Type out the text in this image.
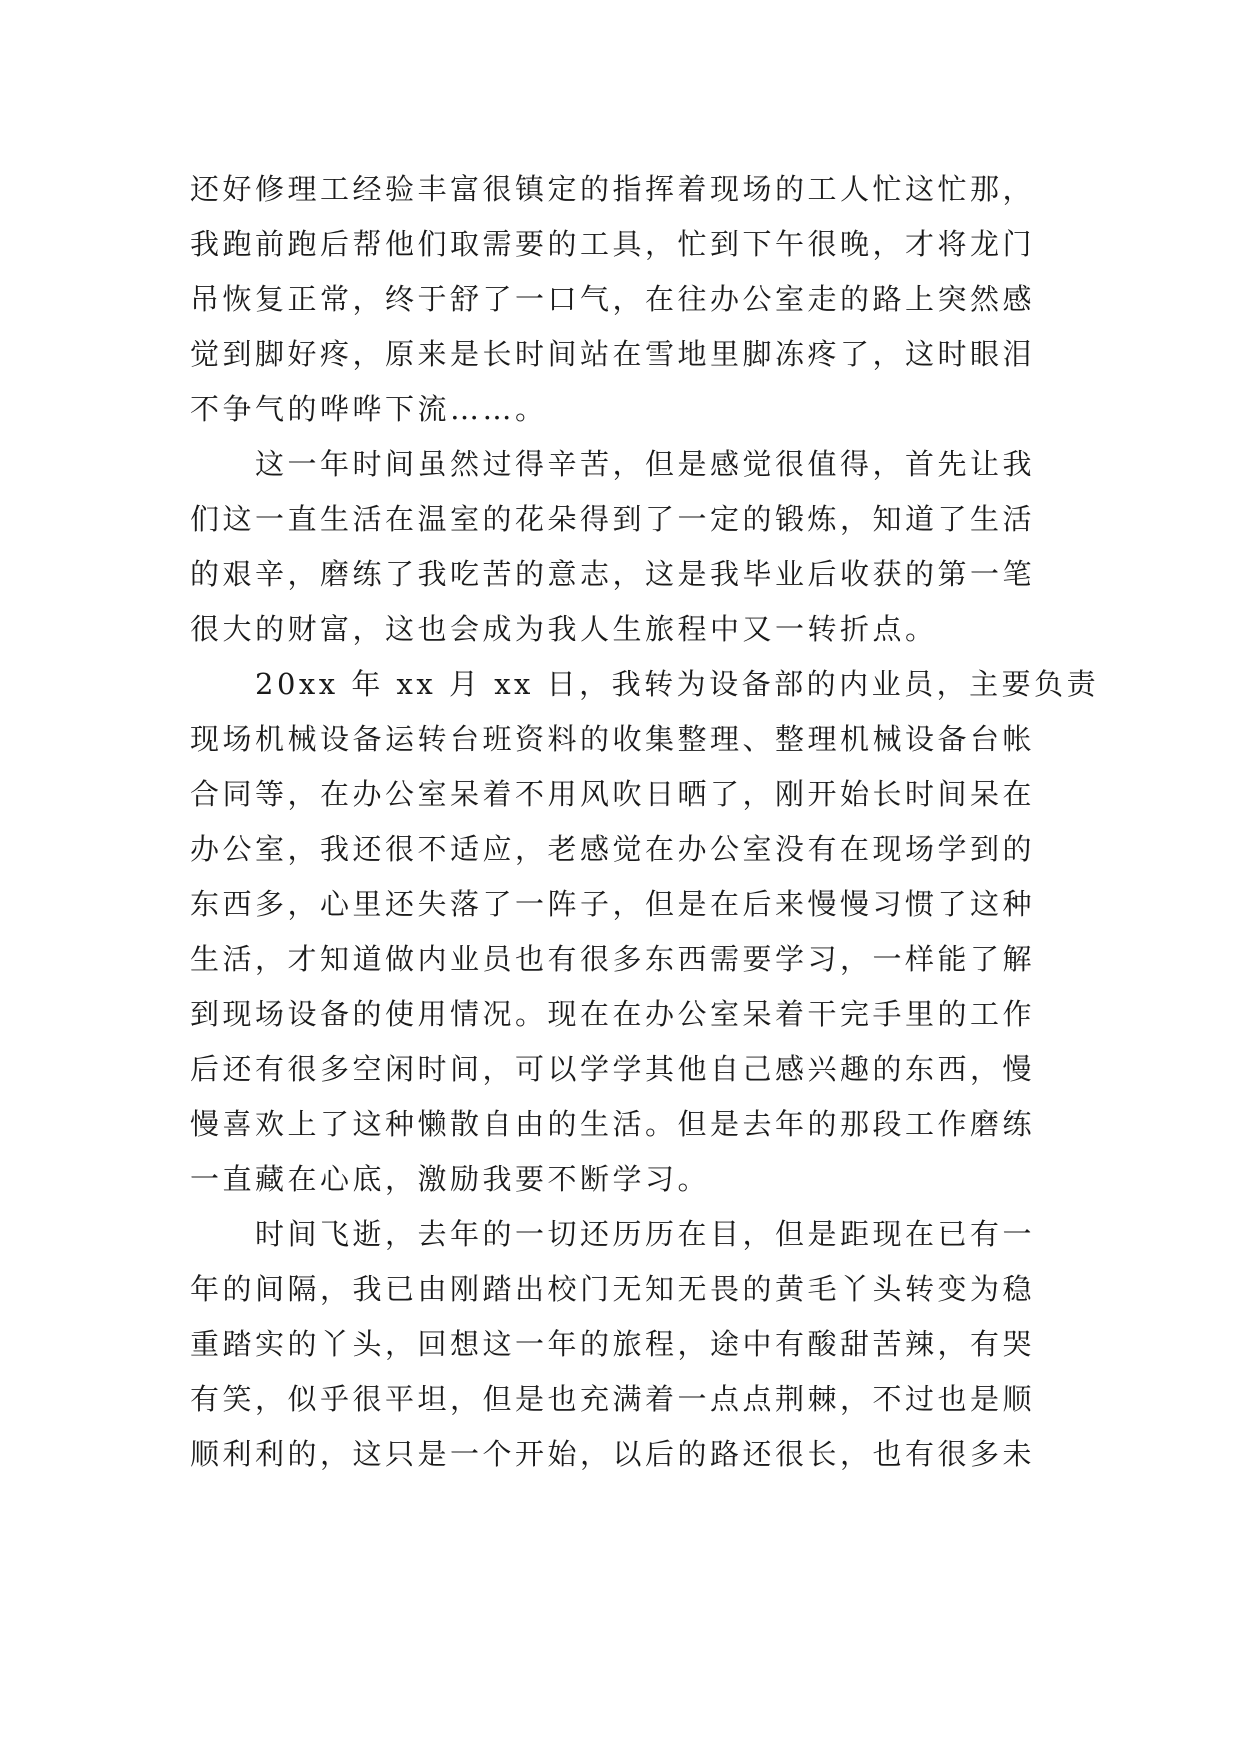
还好修理工经验丰富很镇定的指挥着现场的工人忙这忙那，
我跑前跑后帮他们取需要的工具，忙到下午很晚，才将龙门
吊恢复正常，终于舒了一口气，在往办公室走的路上突然感
觉到脚好疼，原来是长时间站在雪地里脚冻疼了，这时眼泪
不争气的哗哗下流……。
这一年时间虽然过得辛苦，但是感觉很值得，首先让我
们这一直生活在温室的花朵得到了一定的锻炼，知道了生活
的艰辛，磨练了我吃苦的意志，这是我毕业后收获的第一笔
很大的财富，这也会成为我人生旅程中又一转折点。
20xx 年 xx 月 xx 日，我转为设备部的内业员，主要负责
现场机械设备运转台班资料的收集整理、整理机械设备台帐
合同等，在办公室呆着不用风吹日晒了，刚开始长时间呆在
办公室，我还很不适应，老感觉在办公室没有在现场学到的
东西多，心里还失落了一阵子，但是在后来慢慢习惯了这种
生活，才知道做内业员也有很多东西需要学习，一样能了解
到现场设备的使用情况。现在在办公室呆着干完手里的工作
后还有很多空闲时间，可以学学其他自己感兴趣的东西，慢
慢喜欢上了这种懒散自由的生活。但是去年的那段工作磨练
一直藏在心底，激励我要不断学习。
时间飞逝，去年的一切还历历在目，但是距现在已有一
年的间隔，我已由刚踏出校门无知无畏的黄毛丫头转变为稳
重踏实的丫头，回想这一年的旅程，途中有酸甜苦辣，有哭
有笑，似乎很平坦，但是也充满着一点点荆棘，不过也是顺
顺利利的，这只是一个开始，以后的路还很长，也有很多未
